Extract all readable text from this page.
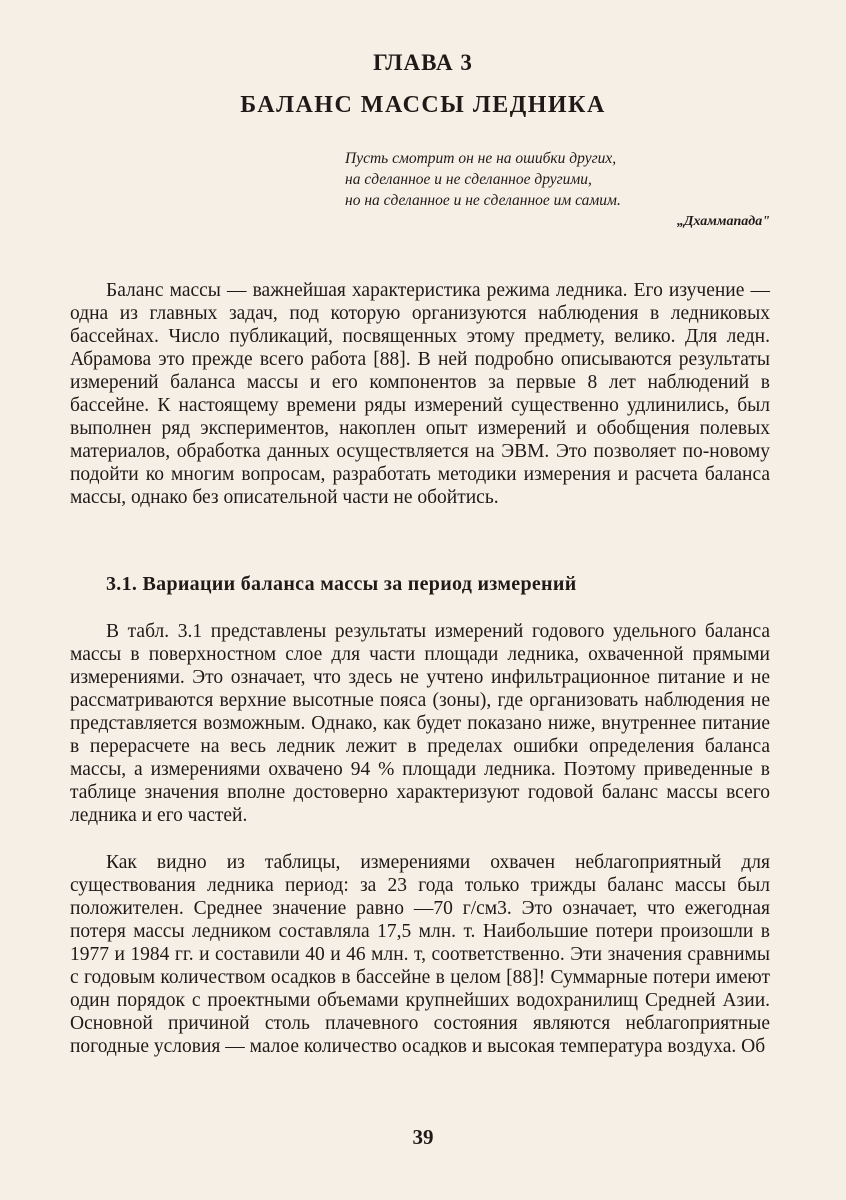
ГЛАВА 3
БАЛАНС МАССЫ ЛЕДНИКА
Пусть смотрит он не на ошибки других,
на сделанное и не сделанное другими,
но на сделанное и не сделанное им самим.
„Дхаммапада"

Баланс массы — важнейшая характеристика режима ледника. Его изучение — одна из главных задач, под которую организуются наблюдения в ледниковых бассейнах. Число публикаций, посвященных этому предмету, велико. Для ледн. Абрамова это прежде всего работа [88]. В ней подробно описываются результаты измерений баланса массы и его компонентов за первые 8 лет наблюдений в бассейне. К настоящему времени ряды измерений существенно удлинились, был выполнен ряд экспериментов, накоплен опыт измерений и обобщения полевых материалов, обработка данных осуществляется на ЭВМ. Это позволяет по-новому подойти ко многим вопросам, разработать методики измерения и расчета баланса массы, однако без описательной части не обойтись.

3.1. Вариации баланса массы за период измерений

В табл. 3.1 представлены результаты измерений годового удельного баланса массы в поверхностном слое для части площади ледника, охваченной прямыми измерениями. Это означает, что здесь не учтено инфильтрационное питание и не рассматриваются верхние высотные пояса (зоны), где организовать наблюдения не представляется возможным. Однако, как будет показано ниже, внутреннее питание в перерасчете на весь ледник лежит в пределах ошибки определения баланса массы, а измерениями охвачено 94 % площади ледника. Поэтому приведенные в таблице значения вполне достоверно характеризуют годовой баланс массы всего ледника и его частей.

Как видно из таблицы, измерениями охвачен неблагоприятный для существования ледника период: за 23 года только трижды баланс массы был положителен. Среднее значение равно —70 г/см3. Это означает, что ежегодная потеря массы ледником составляла 17,5 млн. т. Наибольшие потери произошли в 1977 и 1984 гг. и составили 40 и 46 млн. т, соответственно. Эти значения сравнимы с годовым количеством осадков в бассейне в целом [88]! Суммарные потери имеют один порядок с проектными объемами крупнейших водохранилищ Средней Азии. Основной причиной столь плачевного состояния являются неблагоприятные погодные условия — малое количество осадков и высокая температура воздуха. Об

39
